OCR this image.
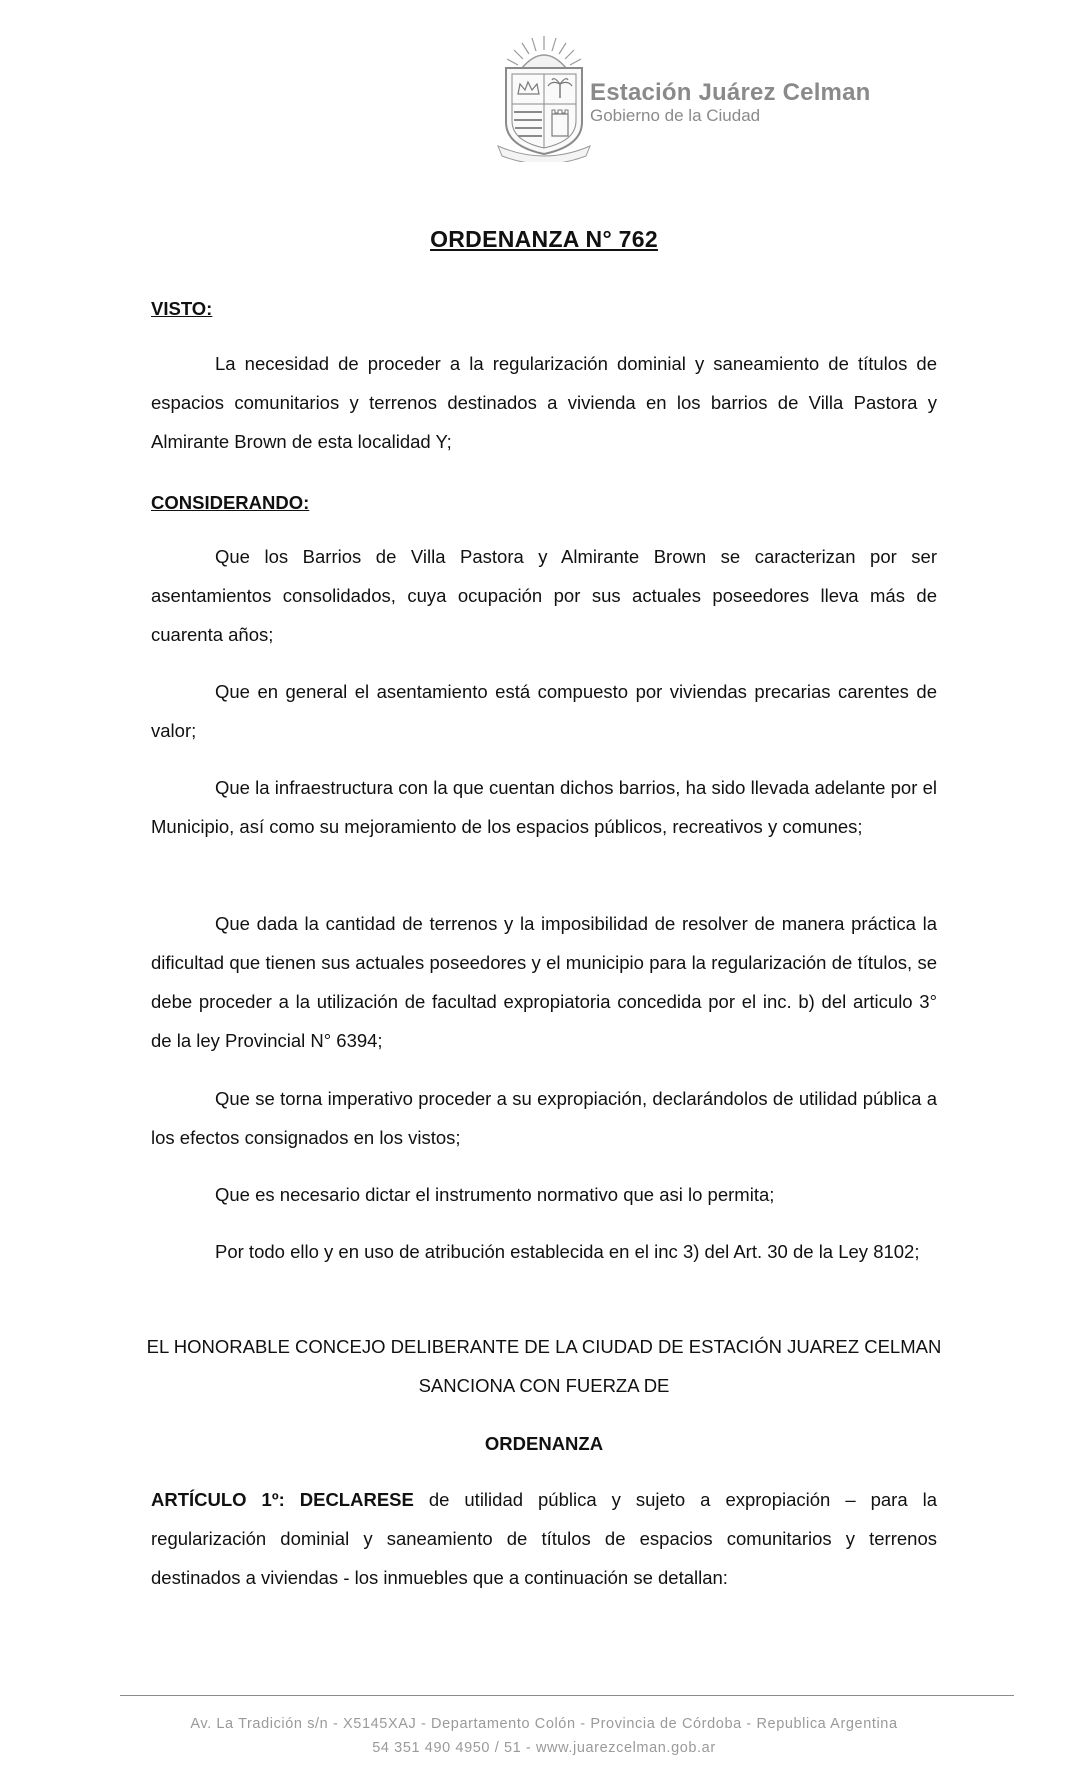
Estación Juárez Celman
Gobierno de la Ciudad
ORDENANZA N° 762
VISTO:

La necesidad de proceder a la regularización dominial y saneamiento de títulos de espacios comunitarios y terrenos destinados a vivienda en los barrios de Villa Pastora y Almirante Brown de esta localidad Y;

CONSIDERANDO:

Que los Barrios de Villa Pastora y Almirante Brown se caracterizan por ser asentamientos consolidados, cuya ocupación por sus actuales poseedores lleva más de cuarenta años;

Que en general el asentamiento está compuesto por viviendas precarias carentes de valor;

Que la infraestructura con la que cuentan dichos barrios, ha sido llevada adelante por el Municipio, así como su mejoramiento de los espacios públicos, recreativos y comunes;

Que dada la cantidad de terrenos y la imposibilidad de resolver de manera práctica la dificultad que tienen sus actuales poseedores y el municipio para la regularización de títulos, se debe proceder a la utilización de facultad expropiatoria concedida por el inc. b) del articulo 3° de la ley Provincial N° 6394;

Que se torna imperativo proceder a su expropiación, declarándolos de utilidad pública a los efectos consignados en los vistos;

Que es necesario dictar el instrumento normativo que asi lo permita;

Por todo ello y en uso de atribución establecida en el inc 3) del Art. 30 de la Ley 8102;

EL HONORABLE CONCEJO DELIBERANTE DE LA CIUDAD DE ESTACIÓN JUAREZ CELMAN

SANCIONA CON FUERZA DE

ORDENANZA

ARTÍCULO 1º: DECLARESE de utilidad pública y sujeto a expropiación – para la regularización dominial y saneamiento de títulos de espacios comunitarios y terrenos destinados a viviendas - los inmuebles que a continuación se detallan:

Av. La Tradición s/n - X5145XAJ - Departamento Colón - Provincia de Córdoba - Republica Argentina
54 351 490 4950 / 51 - www.juarezcelman.gob.ar
